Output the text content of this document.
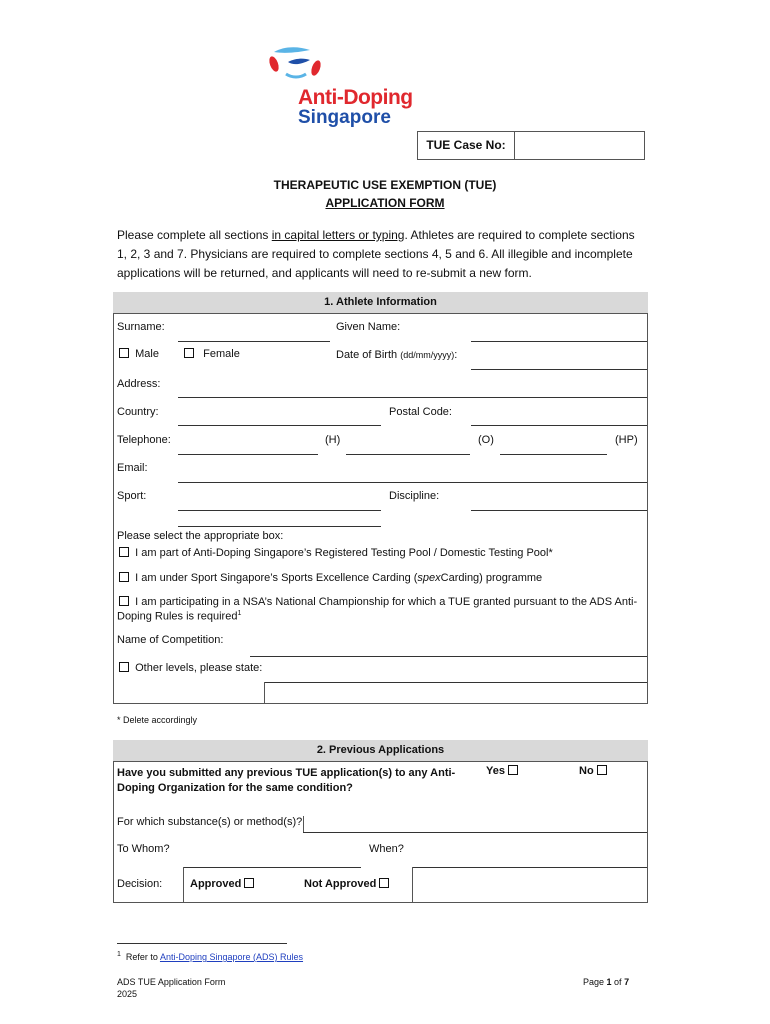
Anti-Doping
Singapore
TUE Case No:
THERAPEUTIC USE EXEMPTION (TUE)
APPLICATION FORM
Please complete all sections in capital letters or typing. Athletes are required to complete sections 1, 2, 3 and 7. Physicians are required to complete sections 4, 5 and 6. All illegible and incomplete applications will be returned, and applicants will need to re-submit a new form.
1. Athlete Information
Surname:	Given Name:
Male	Female	Date of Birth (dd/mm/yyyy):
Address:
Country:	Postal Code:
Telephone:	(H)	(O)	(HP)
Email:
Sport:	Discipline:
Please select the appropriate box:
I am part of Anti-Doping Singapore’s Registered Testing Pool / Domestic Testing Pool*
I am under Sport Singapore’s Sports Excellence Carding (spexCarding) programme
I am participating in a NSA’s National Championship for which a TUE granted pursuant to the ADS Anti-
Doping Rules is required$^1$
Name of Competition:
Other levels, please state:
* Delete accordingly
2. Previous Applications
Have you submitted any previous TUE application(s) to any Anti-Doping Organization for the same condition?
Yes	No
For which substance(s) or method(s)?
To Whom?	When?
Decision:	Approved	Not Approved
$^1$ Refer to Anti-Doping Singapore (ADS) Rules
ADS TUE Application Form
2025
Page 1 of 7
